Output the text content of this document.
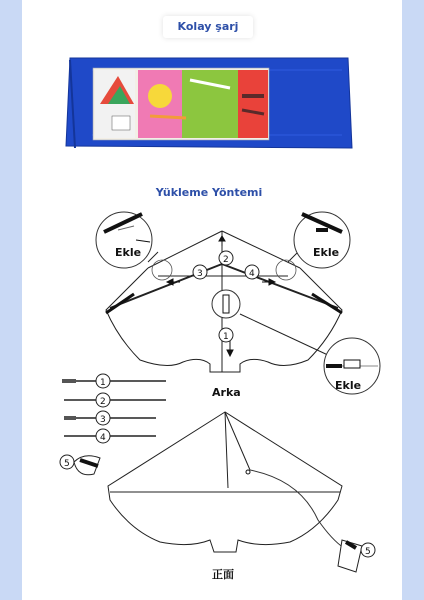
Kolay şarj
Yükleme Yöntemi
Ekle	Ekle
Ekle
2
3	4
1
Arka
1
2
3
4
5
5
正面
